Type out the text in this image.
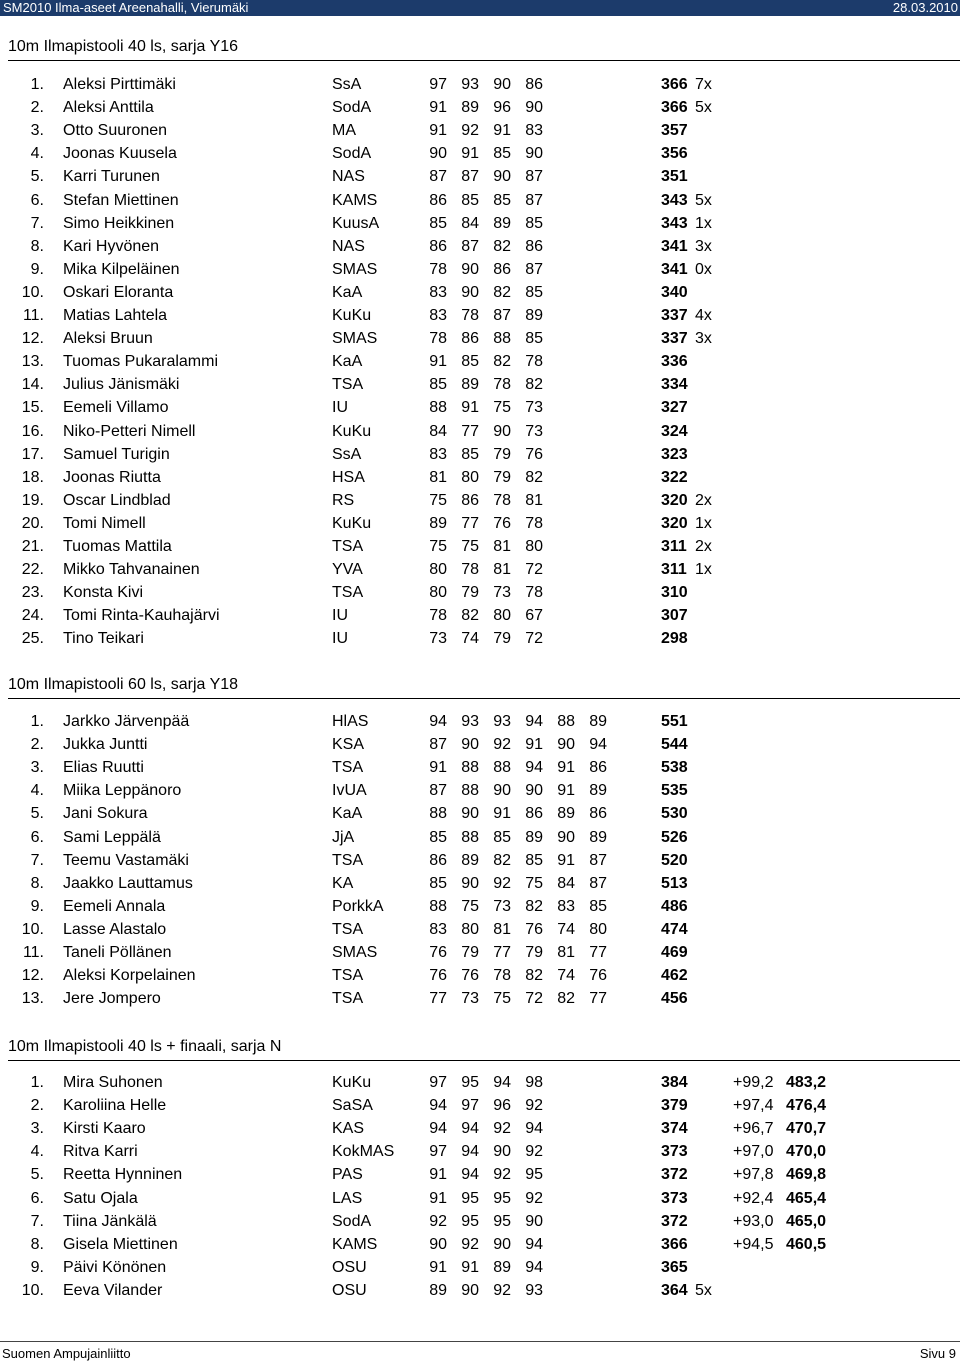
SM2010 Ilma-aseet Areenahalli, Vierumäki	28.03.2010
10m Ilmapistooli 40 ls, sarja Y16
1. Aleksi Pirttimäki	SsA	97 93 90 86	366 7x
2. Aleksi Anttila	SodA	91 89 96 90	366 5x
3. Otto Suuronen	MA	91 92 91 83	357
4. Joonas Kuusela	SodA	90 91 85 90	356
5. Karri Turunen	NAS	87 87 90 87	351
6. Stefan Miettinen	KAMS	86 85 85 87	343 5x
7. Simo Heikkinen	KuusA	85 84 89 85	343 1x
8. Kari Hyvönen	NAS	86 87 82 86	341 3x
9. Mika Kilpeläinen	SMAS	78 90 86 87	341 0x
10. Oskari Eloranta	KaA	83 90 82 85	340
11. Matias Lahtela	KuKu	83 78 87 89	337 4x
12. Aleksi Bruun	SMAS	78 86 88 85	337 3x
13. Tuomas Pukaralammi	KaA	91 85 82 78	336
14. Julius Jänismäki	TSA	85 89 78 82	334
15. Eemeli Villamo	IU	88 91 75 73	327
16. Niko-Petteri Nimell	KuKu	84 77 90 73	324
17. Samuel Turigin	SsA	83 85 79 76	323
18. Joonas Riutta	HSA	81 80 79 82	322
19. Oscar Lindblad	RS	75 86 78 81	320 2x
20. Tomi Nimell	KuKu	89 77 76 78	320 1x
21. Tuomas Mattila	TSA	75 75 81 80	311 2x
22. Mikko Tahvanainen	YVA	80 78 81 72	311 1x
23. Konsta Kivi	TSA	80 79 73 78	310
24. Tomi Rinta-Kauhajärvi	IU	78 82 80 67	307
25. Tino Teikari	IU	73 74 79 72	298
10m Ilmapistooli 60 ls, sarja Y18
1. Jarkko Järvenpää	HlAS	94 93 93 94 88 89	551
2. Jukka Juntti	KSA	87 90 92 91 90 94	544
3. Elias Ruutti	TSA	91 88 88 94 91 86	538
4. Miika Leppänoro	IvUA	87 88 90 90 91 89	535
5. Jani Sokura	KaA	88 90 91 86 89 86	530
6. Sami Leppälä	JjA	85 88 85 89 90 89	526
7. Teemu Vastamäki	TSA	86 89 82 85 91 87	520
8. Jaakko Lauttamus	KA	85 90 92 75 84 87	513
9. Eemeli Annala	PorkkA	88 75 73 82 83 85	486
10. Lasse Alastalo	TSA	83 80 81 76 74 80	474
11. Taneli Pöllänen	SMAS	76 79 77 79 81 77	469
12. Aleksi Korpelainen	TSA	76 76 78 82 74 76	462
13. Jere Jompero	TSA	77 73 75 72 82 77	456
10m Ilmapistooli 40 ls + finaali, sarja N
1. Mira Suhonen	KuKu	97 95 94 98	384	+99,2 483,2
2. Karoliina Helle	SaSA	94 97 96 92	379	+97,4 476,4
3. Kirsti Kaaro	KAS	94 94 92 94	374	+96,7 470,7
4. Ritva Karri	KokMAS 97 94 90 92	373	+97,0 470,0
5. Reetta Hynninen	PAS	91 94 92 95	372	+97,8 469,8
6. Satu Ojala	LAS	91 95 95 92	373	+92,4 465,4
7. Tiina Jänkälä	SodA	92 95 95 90	372	+93,0 465,0
8. Gisela Miettinen	KAMS	90 92 90 94	366	+94,5 460,5
9. Päivi Könönen	OSU	91 91 89 94	365
10. Eeva Vilander	OSU	89 90 92 93	364 5x
Suomen Ampujainliitto	Sivu 9
